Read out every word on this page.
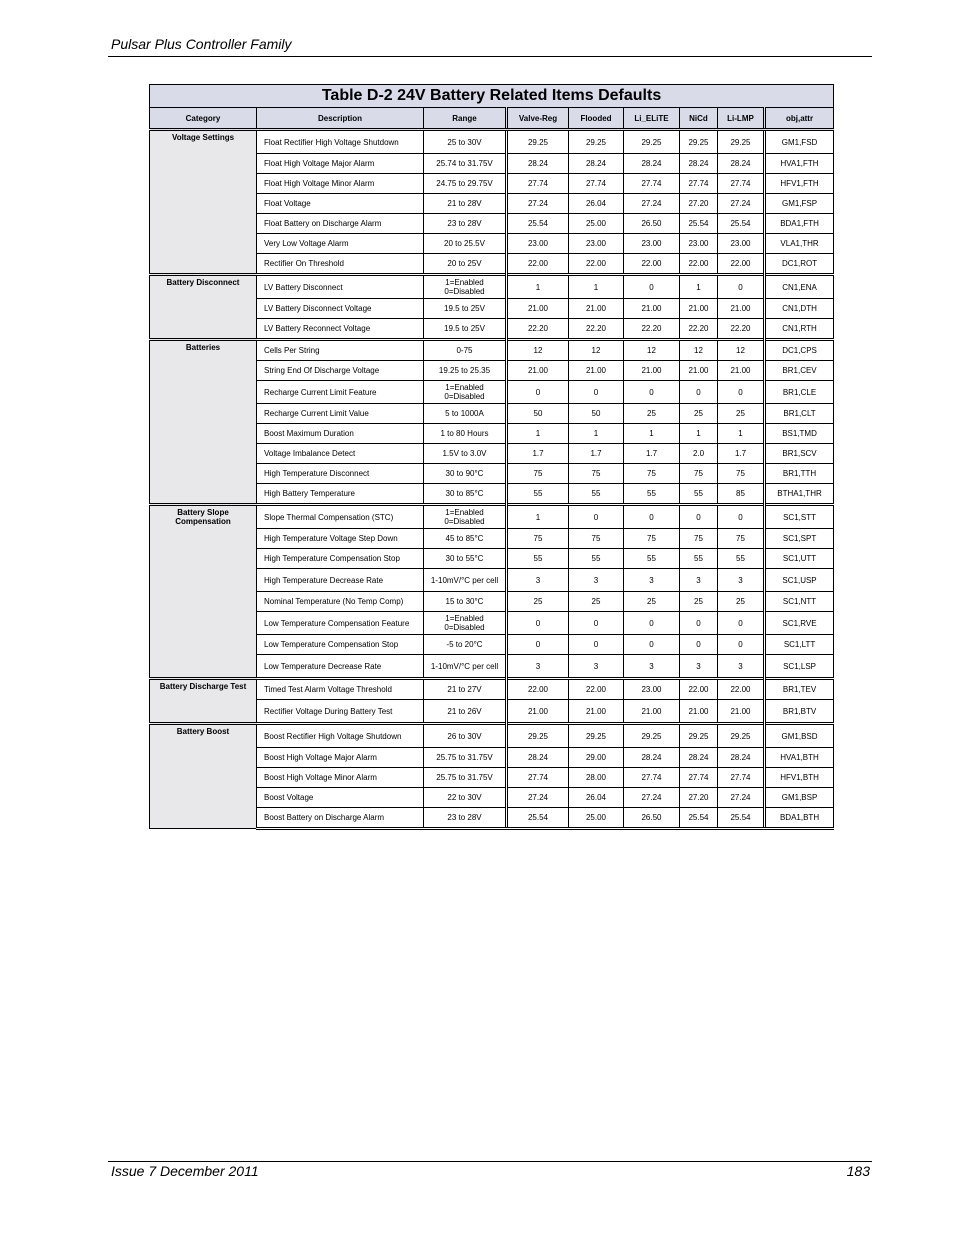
Pulsar Plus Controller Family
Table D-2 24V Battery Related Items Defaults								
Category	Description	Range	Valve-Reg	Flooded	Li_ELiTE	NiCd	Li-LMP	obj,attr
Voltage Settings	Float Rectifier High Voltage Shutdown	25 to 30V	29.25	29.25	29.25	29.25	29.25	GM1,FSD
	Float High Voltage Major Alarm	25.74 to 31.75V	28.24	28.24	28.24	28.24	28.24	HVA1,FTH
	Float High Voltage Minor Alarm	24.75 to 29.75V	27.74	27.74	27.74	27.74	27.74	HFV1,FTH
	Float Voltage	21 to 28V	27.24	26.04	27.24	27.20	27.24	GM1,FSP
	Float Battery on Discharge Alarm	23 to 28V	25.54	25.00	26.50	25.54	25.54	BDA1,FTH
	Very Low Voltage Alarm	20 to 25.5V	23.00	23.00	23.00	23.00	23.00	VLA1,THR
	Rectifier On Threshold	20 to 25V	22.00	22.00	22.00	22.00	22.00	DC1,ROT
Battery Disconnect	LV Battery Disconnect	1=Enabled
0=Disabled	1	1	0	1	0	CN1,ENA
	LV Battery Disconnect Voltage	19.5 to 25V	21.00	21.00	21.00	21.00	21.00	CN1,DTH
	LV Battery Reconnect Voltage	19.5 to 25V	22.20	22.20	22.20	22.20	22.20	CN1,RTH
Batteries	Cells Per String	0-75	12	12	12	12	12	DC1,CPS
	String End Of Discharge Voltage	19.25 to 25.35	21.00	21.00	21.00	21.00	21.00	BR1,CEV
	Recharge Current Limit Feature	1=Enabled
0=Disabled	0	0	0	0	0	BR1,CLE
	Recharge Current Limit Value	5 to 1000A	50	50	25	25	25	BR1,CLT
	Boost Maximum Duration	1 to 80 Hours	1	1	1	1	1	BS1,TMD
	Voltage Imbalance Detect	1.5V to 3.0V	1.7	1.7	1.7	2.0	1.7	BR1,SCV
	High Temperature Disconnect	30 to 90°C	75	75	75	75	75	BR1,TTH
	High Battery Temperature	30 to 85°C	55	55	55	55	85	BTHA1,THR
Battery Slope Compensation	Slope Thermal Compensation (STC)	1=Enabled
0=Disabled	1	0	0	0	0	SC1,STT
	High Temperature Voltage Step Down	45 to 85°C	75	75	75	75	75	SC1,SPT
	High Temperature Compensation Stop	30 to 55°C	55	55	55	55	55	SC1,UTT
	High Temperature Decrease Rate	1-10mV/°C per cell	3	3	3	3	3	SC1,USP
	Nominal Temperature (No Temp Comp)	15 to 30°C	25	25	25	25	25	SC1,NTT
	Low Temperature Compensation Feature	1=Enabled
0=Disabled	0	0	0	0	0	SC1,RVE
	Low Temperature Compensation Stop	-5 to 20°C	0	0	0	0	0	SC1,LTT
	Low Temperature Decrease Rate	1-10mV/°C per cell	3	3	3	3	3	SC1,LSP
Battery Discharge Test	Timed Test Alarm Voltage Threshold	21 to 27V	22.00	22.00	23.00	22.00	22.00	BR1,TEV
	Rectifier Voltage During Battery Test	21 to 26V	21.00	21.00	21.00	21.00	21.00	BR1,BTV
Battery Boost	Boost Rectifier High Voltage Shutdown	26 to 30V	29.25	29.25	29.25	29.25	29.25	GM1,BSD
	Boost High Voltage Major Alarm	25.75 to 31.75V	28.24	29.00	28.24	28.24	28.24	HVA1,BTH
	Boost High Voltage Minor Alarm	25.75 to 31.75V	27.74	28.00	27.74	27.74	27.74	HFV1,BTH
	Boost Voltage	22 to 30V	27.24	26.04	27.24	27.20	27.24	GM1,BSP
	Boost Battery on Discharge Alarm	23 to 28V	25.54	25.00	26.50	25.54	25.54	BDA1,BTH
Issue 7 December 2011	183
